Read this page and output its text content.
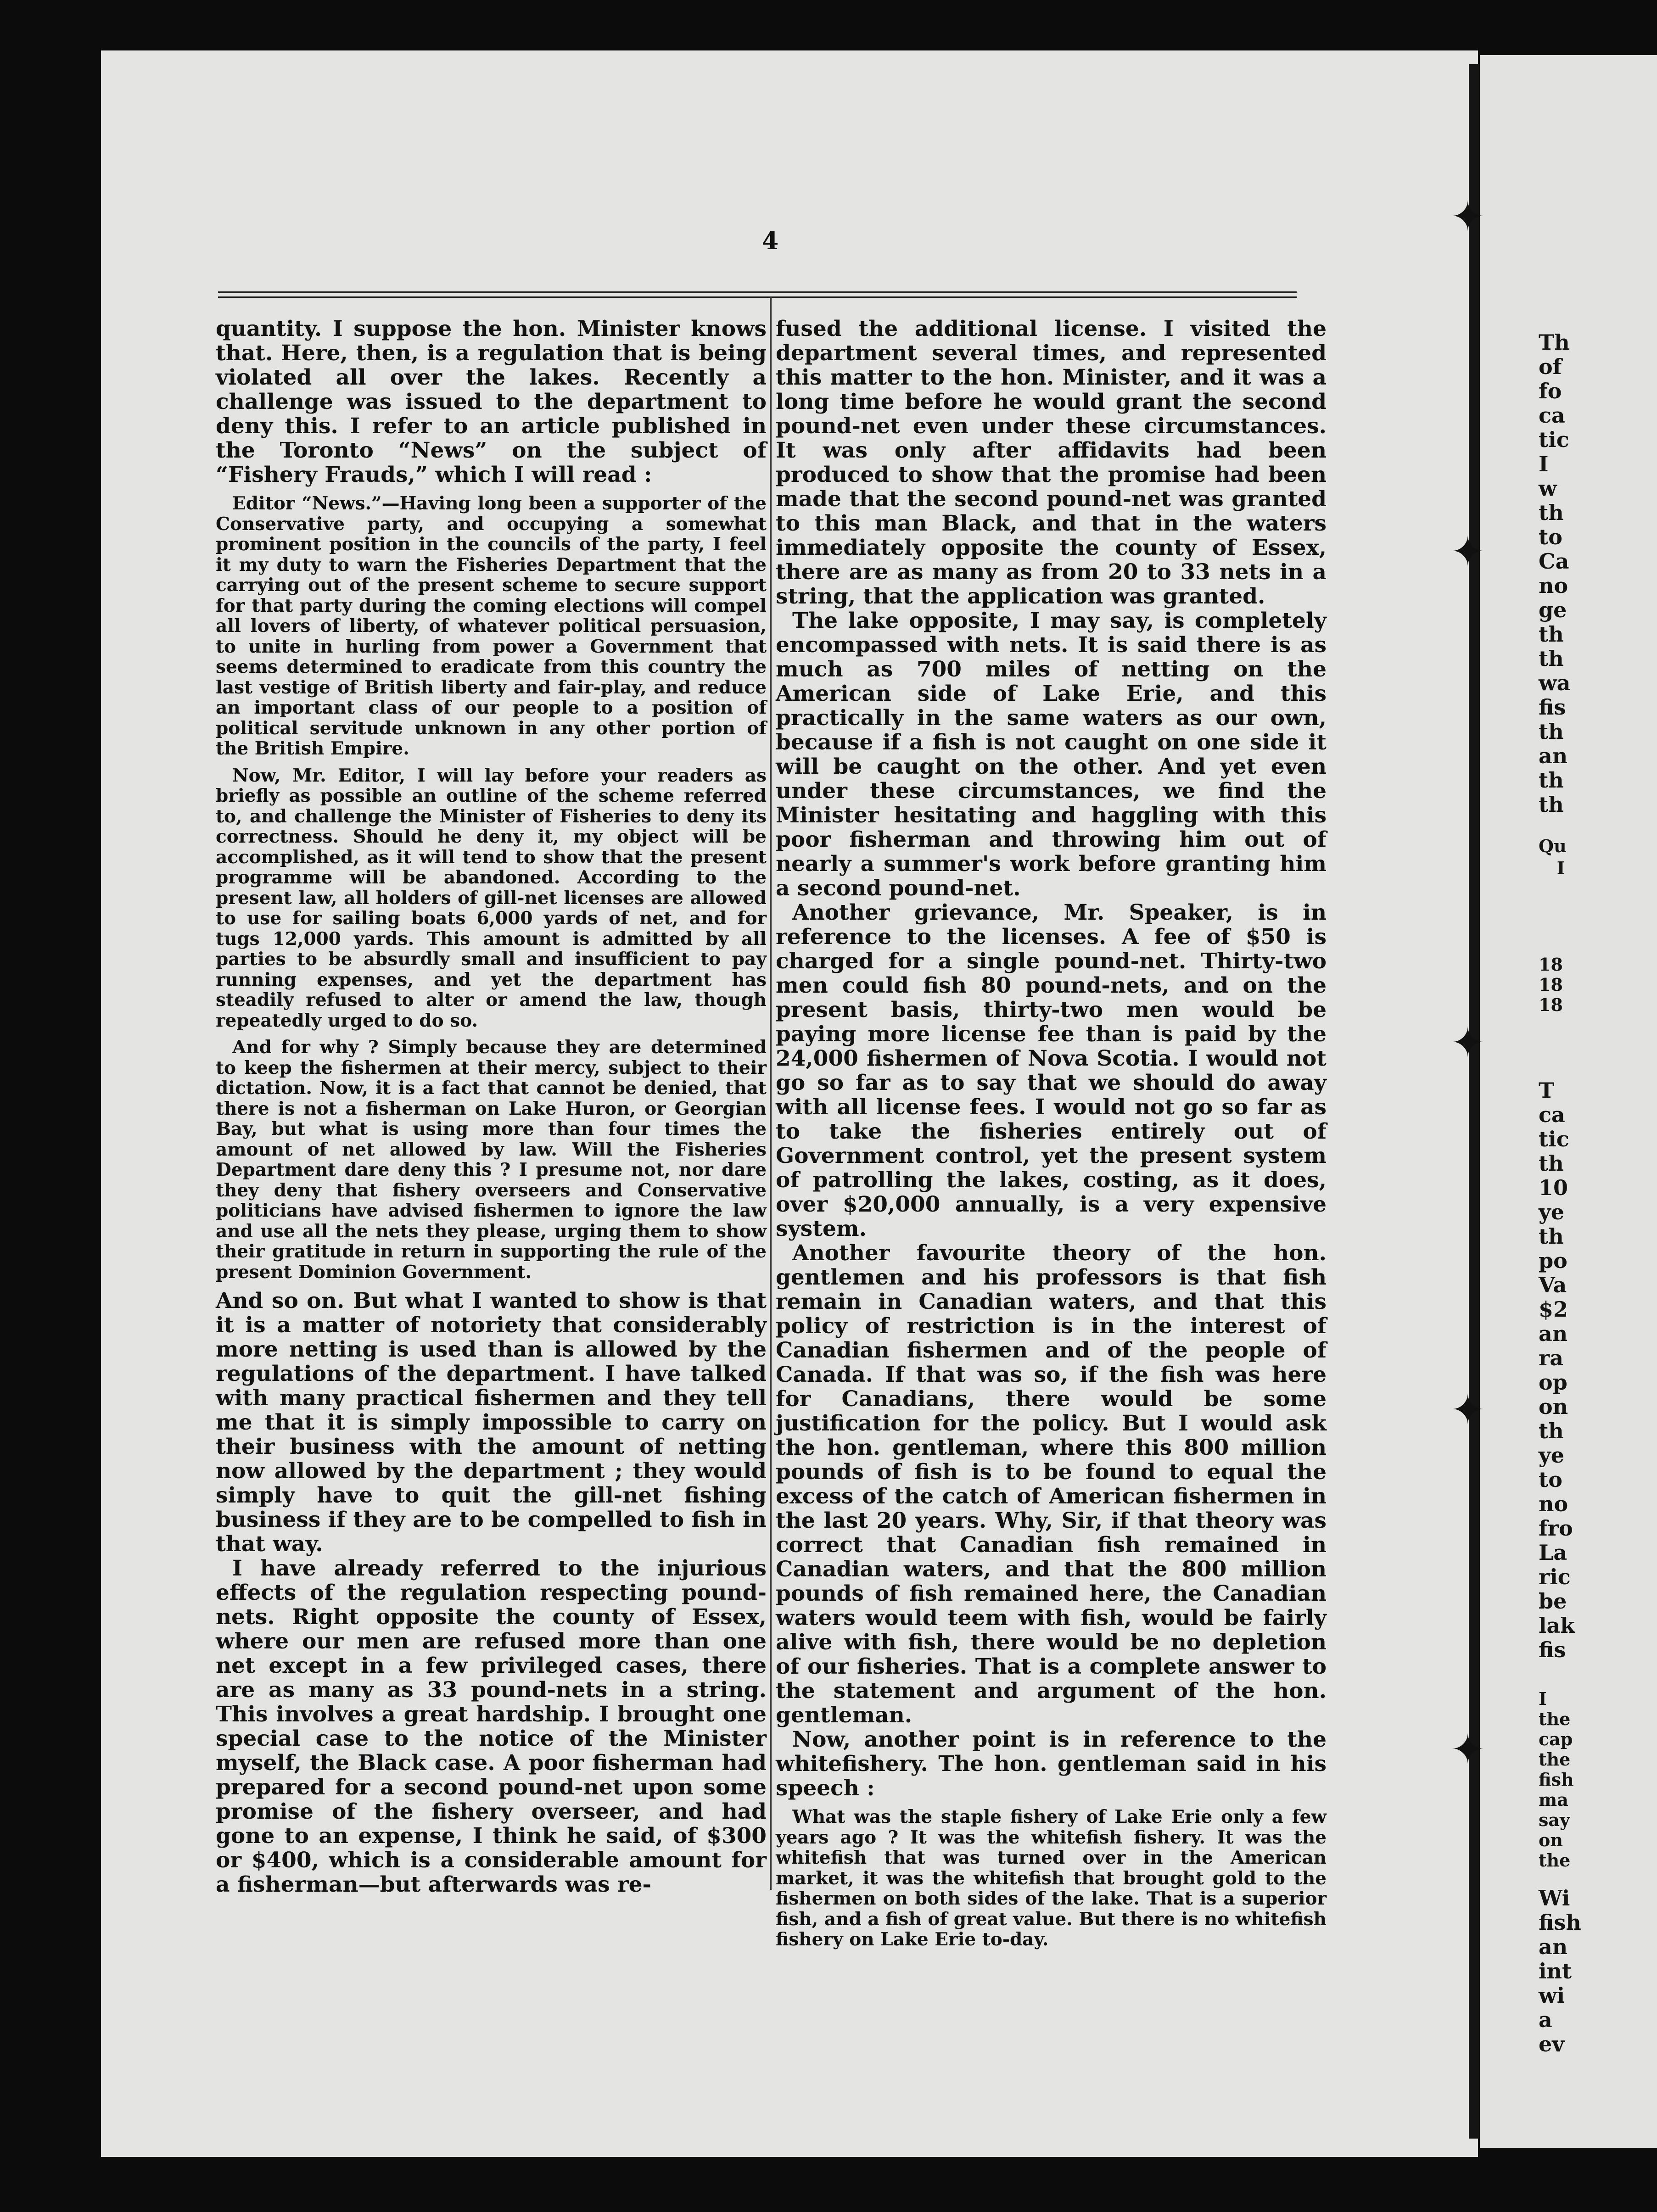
Th
of
fo
ca
tic
I
w
th
to
Ca
no
ge
th
th
wa
fis
th
an
th
th
Qu
I
18
18
18
T
ca
tic
th
10
ye
th
po
Va
$2
an
ra
op
on
th
ye
to
no
fro
La
ric
be
lak
fis
I
the
cap
the
fish
ma
say
on
the
Wi
fish
an
int
wi
a
ev
✦
✦
✦
✦
✦
4

quantity. I suppose the hon. Minister knows that. Here, then, is a regulation that is being violated all over the lakes. Recently a challenge was issued to the department to deny this. I refer to an article published in the Toronto “News” on the subject of “Fishery Frauds,” which I will read :

Editor “News.”—Having long been a supporter of the Conservative party, and occupying a somewhat prominent position in the councils of the party, I feel it my duty to warn the Fisheries Department that the carrying out of the present scheme to secure support for that party during the coming elections will compel all lovers of liberty, of whatever political persuasion, to unite in hurling from power a Government that seems determined to eradicate from this country the last vestige of British liberty and fair-play, and reduce an important class of our people to a position of political servitude unknown in any other portion of the British Empire.

Now, Mr. Editor, I will lay before your readers as briefly as possible an outline of the scheme referred to, and challenge the Minister of Fisheries to deny its correctness. Should he deny it, my object will be accomplished, as it will tend to show that the present programme will be abandoned. According to the present law, all holders of gill-net licenses are allowed to use for sailing boats 6,000 yards of net, and for tugs 12,000 yards. This amount is admitted by all parties to be absurdly small and insufficient to pay running expenses, and yet the department has steadily refused to alter or amend the law, though repeatedly urged to do so.

And for why ? Simply because they are determined to keep the fishermen at their mercy, subject to their dictation. Now, it is a fact that cannot be denied, that there is not a fisherman on Lake Huron, or Georgian Bay, but what is using more than four times the amount of net allowed by law. Will the Fisheries Department dare deny this ? I presume not, nor dare they deny that fishery overseers and Conservative politicians have advised fishermen to ignore the law and use all the nets they please, urging them to show their gratitude in return in supporting the rule of the present Dominion Government.

And so on. But what I wanted to show is that it is a matter of notoriety that considerably more netting is used than is allowed by the regulations of the department. I have talked with many practical fishermen and they tell me that it is simply impossible to carry on their business with the amount of netting now allowed by the department ; they would simply have to quit the gill-net fishing business if they are to be compelled to fish in that way.

I have already referred to the injurious effects of the regulation respecting pound-nets. Right opposite the county of Essex, where our men are refused more than one net except in a few privileged cases, there are as many as 33 pound-nets in a string. This involves a great hardship. I brought one special case to the notice of the Minister myself, the Black case. A poor fisherman had prepared for a second pound-net upon some promise of the fishery overseer, and had gone to an expense, I think he said, of $300 or $400, which is a considerable amount for a fisherman—but afterwards was re-

fused the additional license. I visited the department several times, and represented this matter to the hon. Minister, and it was a long time before he would grant the second pound-net even under these circumstances. It was only after affidavits had been produced to show that the promise had been made that the second pound-net was granted to this man Black, and that in the waters immediately opposite the county of Essex, there are as many as from 20 to 33 nets in a string, that the application was granted.

The lake opposite, I may say, is completely encompassed with nets. It is said there is as much as 700 miles of netting on the American side of Lake Erie, and this practically in the same waters as our own, because if a fish is not caught on one side it will be caught on the other. And yet even under these circumstances, we find the Minister hesitating and haggling with this poor fisherman and throwing him out of nearly a summer's work before granting him a second pound-net.

Another grievance, Mr. Speaker, is in reference to the licenses. A fee of $50 is charged for a single pound-net. Thirty-two men could fish 80 pound-nets, and on the present basis, thirty-two men would be paying more license fee than is paid by the 24,000 fishermen of Nova Scotia. I would not go so far as to say that we should do away with all license fees. I would not go so far as to take the fisheries entirely out of Government control, yet the present system of patrolling the lakes, costing, as it does, over $20,000 annually, is a very expensive system.

Another favourite theory of the hon. gentlemen and his professors is that fish remain in Canadian waters, and that this policy of restriction is in the interest of Canadian fishermen and of the people of Canada. If that was so, if the fish was here for Canadians, there would be some justification for the policy. But I would ask the hon. gentleman, where this 800 million pounds of fish is to be found to equal the excess of the catch of American fishermen in the last 20 years. Why, Sir, if that theory was correct that Canadian fish remained in Canadian waters, and that the 800 million pounds of fish remained here, the Canadian waters would teem with fish, would be fairly alive with fish, there would be no depletion of our fisheries. That is a complete answer to the statement and argument of the hon. gentleman.

Now, another point is in reference to the whitefishery. The hon. gentleman said in his speech :

What was the staple fishery of Lake Erie only a few years ago ? It was the whitefish fishery. It was the whitefish that was turned over in the American market, it was the whitefish that brought gold to the fishermen on both sides of the lake. That is a superior fish, and a fish of great value. But there is no whitefish fishery on Lake Erie to-day.
